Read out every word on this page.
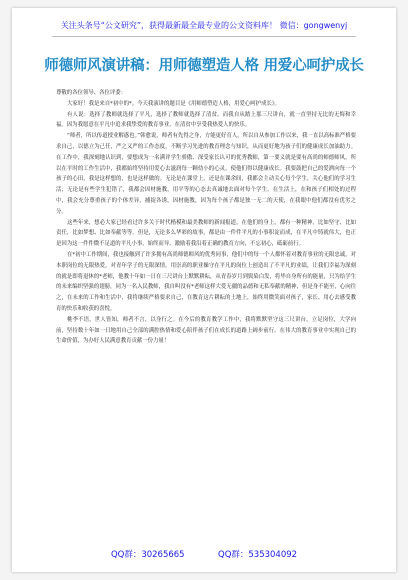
关注头条号“公文研究”，获得最新最全最专业的公文资料库！ 微信：gongwenyj
师德师风演讲稿：用师德塑造人格 用爱心呵护成长

尊敬的各位领导、各位评委：

大家好！我是来自*初中的*。今天我演讲的题目是《用师德塑造人格，用爱心呵护成长》。

有人说：选择了教师就选择了平凡，选择了教师就选择了清贫。而我自从踏上那三尺讲台，就一直坚持无比的无悔和幸福。因为我愿意在平凡中追求我挚爱的教育事业，在清贫中享受我热爱人的快乐。

“师者，所以传道授业解惑也。”韩愈说，师者有先得之身，方能更好育人。所以自从参加工作以来，我一直以高标准严格要求自己，以德立为己任，严之又严的工作态度，不断学习先进的教育理念与知识，从而更好地为孩子们的健康成长加油助力。在工作中，我深刻地认识到，要想成为一名满评学生骄傲、深受家长认可的优秀教师，第一要义就是要有高尚的师德师风，所以在平时的工作生活中，我都始终坚持用爱心去滋润每一颗幼小的心灵，使他们得以健康成长。我要鼓把自己的爱洒向每一个孩子的心田，我是这样想的，也是这样做的。无论是在课堂上，还是在课余间，我都会主动关心每个学生，关心他们的学习生活；无论是有些学生犯错了，我都会因材施教，用平等的心态去真诚地去面对每个学生。在生活上，在和孩子们相处的过程中，我会充分尊重孩子的个体差异，捕捉各诱，因材施教，因为每个孩子都是独一无二的天使，在我眼中他们都没有优劣之分。

这些年来，想必大家已经看过许多关于时代楷模和最美教师的新闻报道，在他们的身上，都有一种精神，比如坚守、比如责任，比如梦想、比如奉献等等。但是，无论多么华彩的故事，都是由一件件平凡的小事积淀而成，在平凡中铸就伟大，也正是因为这一件件微不足道的平凡小事，始终而导、激励着我沿着正确的教育方向，不忘初心，砥砺前行。

在*初中工作期间，我也接触到了许多拥有高尚师德师风的优秀同事，他们中的每一个人都怀着对教育事业的无限忠诚，对本职岗位的无限热爱，对青年学子的无限深情，用崇高的职业操守在平凡的岗位上创造出了不平凡的业绩，让我们幸福为深刻的就是即将退休的*老师，他教十年如一日在三尺讲台上默默耕耘，从青春岁月到鬓染白发，将毕自身所有的能量，只为给学生的未来编织坚强的翅膀，同为一名入民教师，我自叫没有*老师这样大爱无疆的品德和无私奉献的精神，但是身不能至，心向往之，在未来的工作和生活中，我将继续严格要求自己，在教育这片耕耘的土地上，始终用微笑面对孩子，家长、用心去感受教育的快乐和收获的喜悦。

桃李不语，世人皆知，师者不言，以身行之。在今后的教育教学工作中，我将默默坚守这三尺讲台，立足岗位，大学向前，坚持数十年如一日地用自己全部的满腔热情和爱心陪伴孩子们在成长的道路上阔步前行。在伟大的教育事业中实现自己的生命价值，为办好人民满意教育贡献一份力量！

QQ群：30265665	QQ群：535304092
